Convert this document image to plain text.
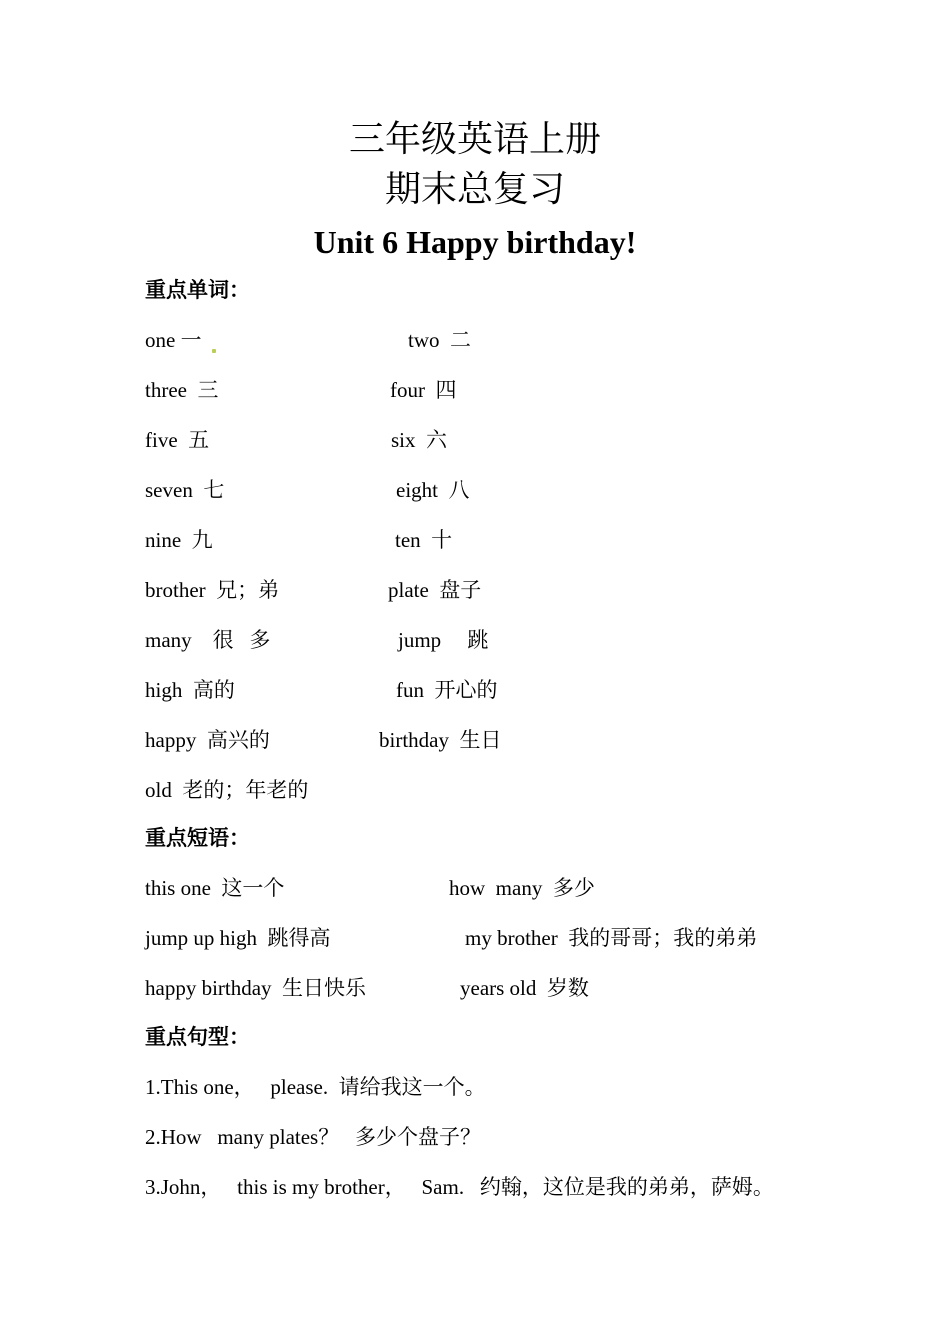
三年级英语上册
期末总复习
Unit 6 Happy birthday!
重点单词：
one 一	two  二
three  三	four  四
five  五	six  六
seven  七	eight  八
nine  九	ten  十
brother  兄；弟	plate  盘子
many    很   多	jump     跳
high  高的	fun  开心的
happy  高兴的	birthday  生日
old  老的；年老的
重点短语：
this one  这一个	how  many  多少
jump up high  跳得高	my brother  我的哥哥；我的弟弟
happy birthday  生日快乐	years old  岁数
重点句型：
1.This one，   please.  请给我这一个。
2.How   many plates？   多少个盘子？
3.John，   this is my brother，   Sam.   约翰，这位是我的弟弟，萨姆。
